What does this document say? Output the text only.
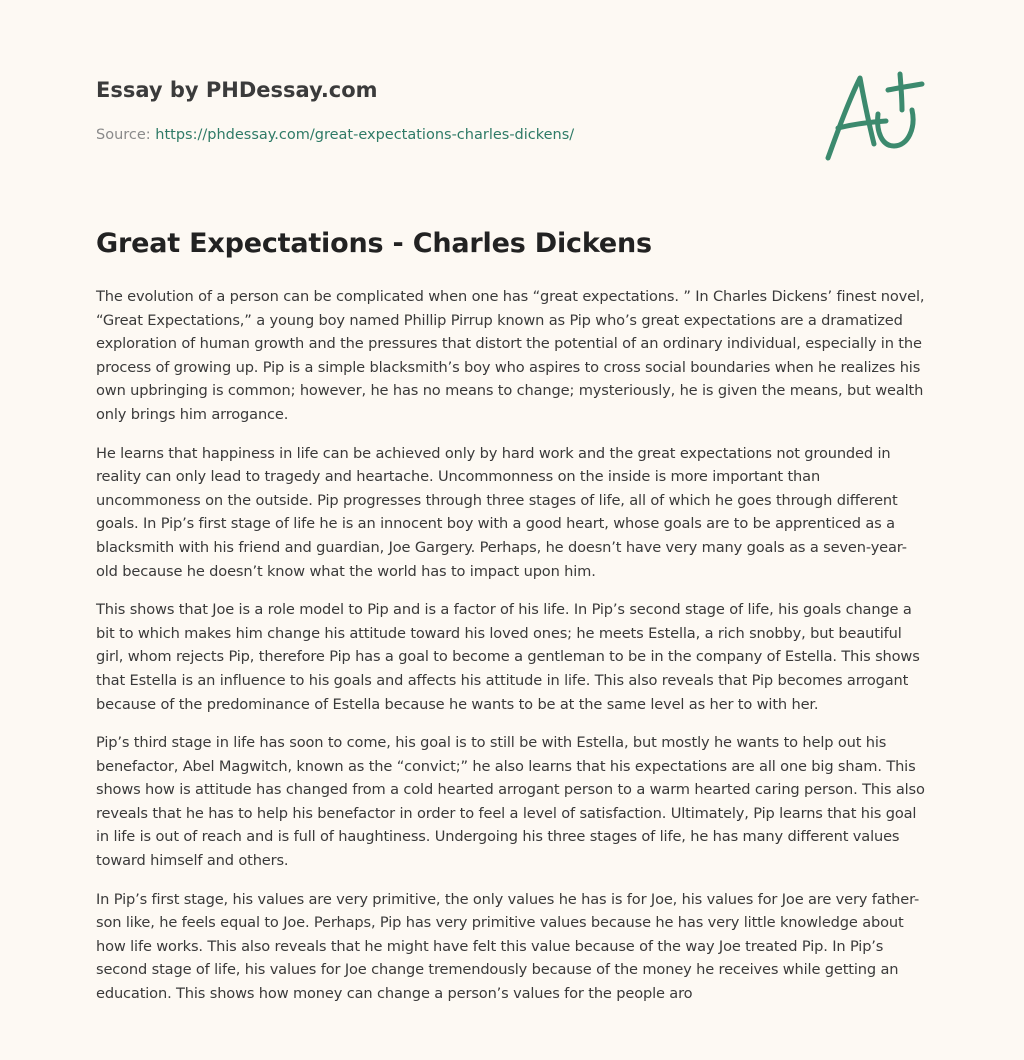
Essay by PHDessay.com
Source: https://phdessay.com/great-expectations-charles-dickens/
Great Expectations - Charles Dickens

The evolution of a person can be complicated when one has “great expectations. ” In Charles Dickens’ finest novel, “Great Expectations,” a young boy named Phillip Pirrup known as Pip who’s great expectations are a dramatized exploration of human growth and the pressures that distort the potential of an ordinary individual, especially in the process of growing up. Pip is a simple blacksmith’s boy who aspires to cross social boundaries when he realizes his own upbringing is common; however, he has no means to change; mysteriously, he is given the means, but wealth only brings him arrogance.

He learns that happiness in life can be achieved only by hard work and the great expectations not grounded in reality can only lead to tragedy and heartache. Uncommonness on the inside is more important than uncommoness on the outside. Pip progresses through three stages of life, all of which he goes through different goals. In Pip’s first stage of life he is an innocent boy with a good heart, whose goals are to be apprenticed as a blacksmith with his friend and guardian, Joe Gargery. Perhaps, he doesn’t have very many goals as a seven-year-old because he doesn’t know what the world has to impact upon him.

This shows that Joe is a role model to Pip and is a factor of his life. In Pip’s second stage of life, his goals change a bit to which makes him change his attitude toward his loved ones; he meets Estella, a rich snobby, but beautiful girl, whom rejects Pip, therefore Pip has a goal to become a gentleman to be in the company of Estella. This shows that Estella is an influence to his goals and affects his attitude in life. This also reveals that Pip becomes arrogant because of the predominance of Estella because he wants to be at the same level as her to with her.

Pip’s third stage in life has soon to come, his goal is to still be with Estella, but mostly he wants to help out his benefactor, Abel Magwitch, known as the “convict;” he also learns that his expectations are all one big sham. This shows how is attitude has changed from a cold hearted arrogant person to a warm hearted caring person. This also reveals that he has to help his benefactor in order to feel a level of satisfaction. Ultimately, Pip learns that his goal in life is out of reach and is full of haughtiness. Undergoing his three stages of life, he has many different values toward himself and others.

In Pip’s first stage, his values are very primitive, the only values he has is for Joe, his values for Joe are very father-son like, he feels equal to Joe. Perhaps, Pip has very primitive values because he has very little knowledge about how life works. This also reveals that he might have felt this value because of the way Joe treated Pip. In Pip’s second stage of life, his values for Joe change tremendously because of the money he receives while getting an education. This shows how money can change a person’s values for the people aro
